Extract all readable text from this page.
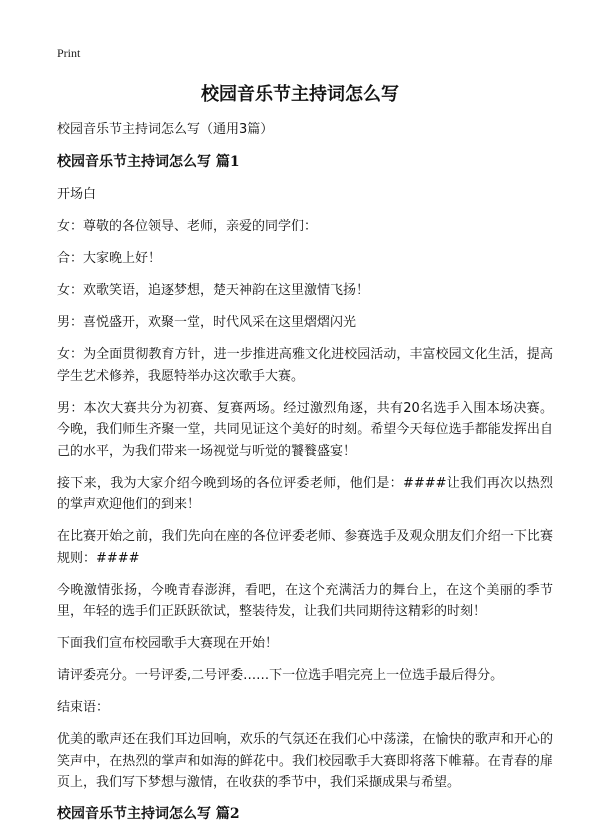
Print
校园音乐节主持词怎么写
校园音乐节主持词怎么写（通用3篇）
校园音乐节主持词怎么写 篇1
开场白
女：尊敬的各位领导、老师，亲爱的同学们：
合：大家晚上好！
女：欢歌笑语，追逐梦想，楚天神韵在这里激情飞扬！
男：喜悦盛开，欢聚一堂，时代风采在这里熠熠闪光
女：为全面贯彻教育方针，进一步推进高雅文化进校园活动，丰富校园文化生活，提高学生艺术修养，我愿特举办这次歌手大赛。
男：本次大赛共分为初赛、复赛两场。经过激烈角逐，共有20名选手入围本场决赛。今晚，我们师生齐聚一堂，共同见证这个美好的时刻。希望今天每位选手都能发挥出自己的水平，为我们带来一场视觉与听觉的饕餮盛宴！
接下来，我为大家介绍今晚到场的各位评委老师，他们是：####让我们再次以热烈的掌声欢迎他们的到来！
在比赛开始之前，我们先向在座的各位评委老师、参赛选手及观众朋友们介绍一下比赛规则：####
今晚激情张扬，今晚青春澎湃，看吧，在这个充满活力的舞台上，在这个美丽的季节里，年轻的选手们正跃跃欲试，整装待发，让我们共同期待这精彩的时刻！
下面我们宣布校园歌手大赛现在开始！
请评委亮分。一号评委,二号评委……下一位选手唱完亮上一位选手最后得分。
结束语：
优美的歌声还在我们耳边回响，欢乐的气氛还在我们心中荡漾，在愉快的歌声和开心的笑声中，在热烈的掌声和如海的鲜花中。我们校园歌手大赛即将落下帷幕。在青春的扉页上，我们写下梦想与激情，在收获的季节中，我们采撷成果与希望。
校园音乐节主持词怎么写 篇2
